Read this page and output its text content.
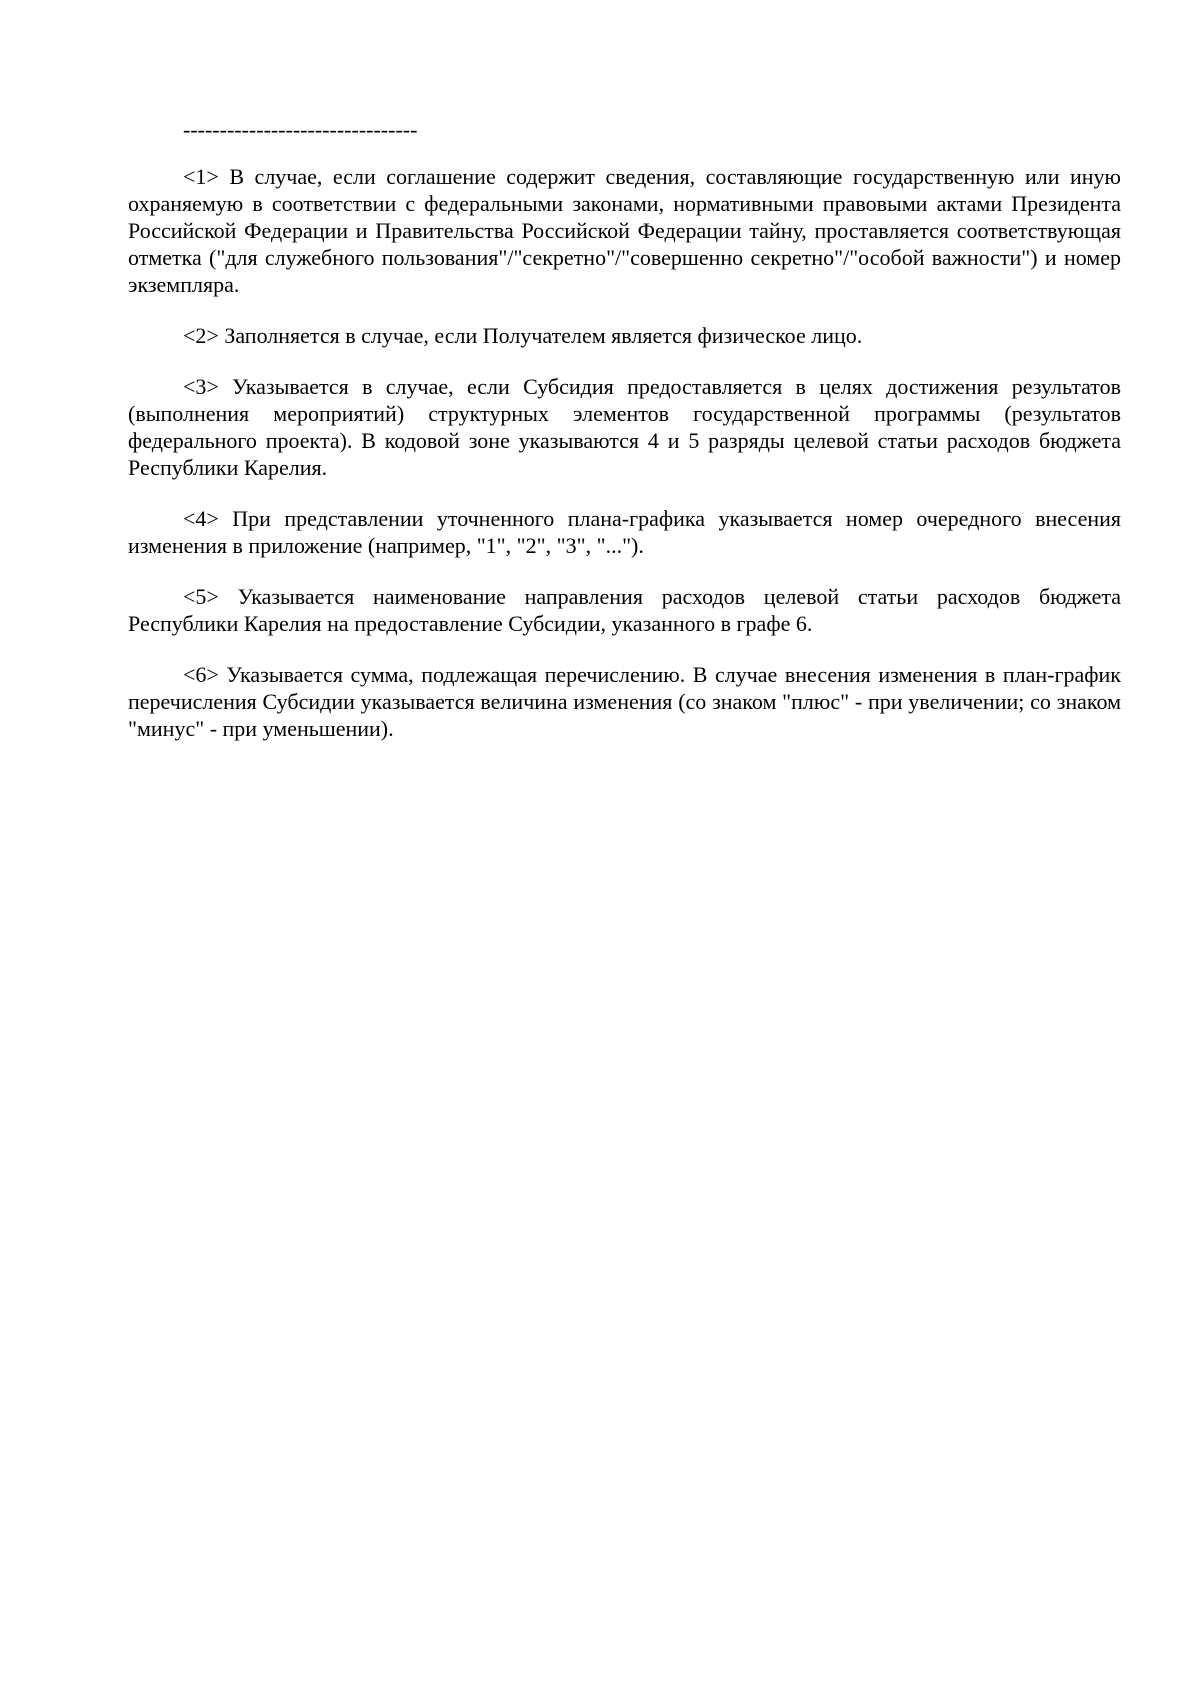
--------------------------------

<1> В случае, если соглашение содержит сведения, составляющие государственную или иную охраняемую в соответствии с федеральными законами, нормативными правовыми актами Президента Российской Федерации и Правительства Российской Федерации тайну, проставляется соответствующая отметка ("для служебного пользования"/"секретно"/"совершенно секретно"/"особой важности") и номер экземпляра.

<2> Заполняется в случае, если Получателем является физическое лицо.

<3> Указывается в случае, если Субсидия предоставляется в целях достижения результатов (выполнения мероприятий) структурных элементов государственной программы (результатов федерального проекта). В кодовой зоне указываются 4 и 5 разряды целевой статьи расходов бюджета Республики Карелия.

<4> При представлении уточненного плана-графика указывается номер очередного внесения изменения в приложение (например, "1", "2", "3", "...").

<5> Указывается наименование направления расходов целевой статьи расходов бюджета Республики Карелия на предоставление Субсидии, указанного в графе 6.

<6> Указывается сумма, подлежащая перечислению. В случае внесения изменения в план-график перечисления Субсидии указывается величина изменения (со знаком "плюс" - при увеличении; со знаком "минус" - при уменьшении).
